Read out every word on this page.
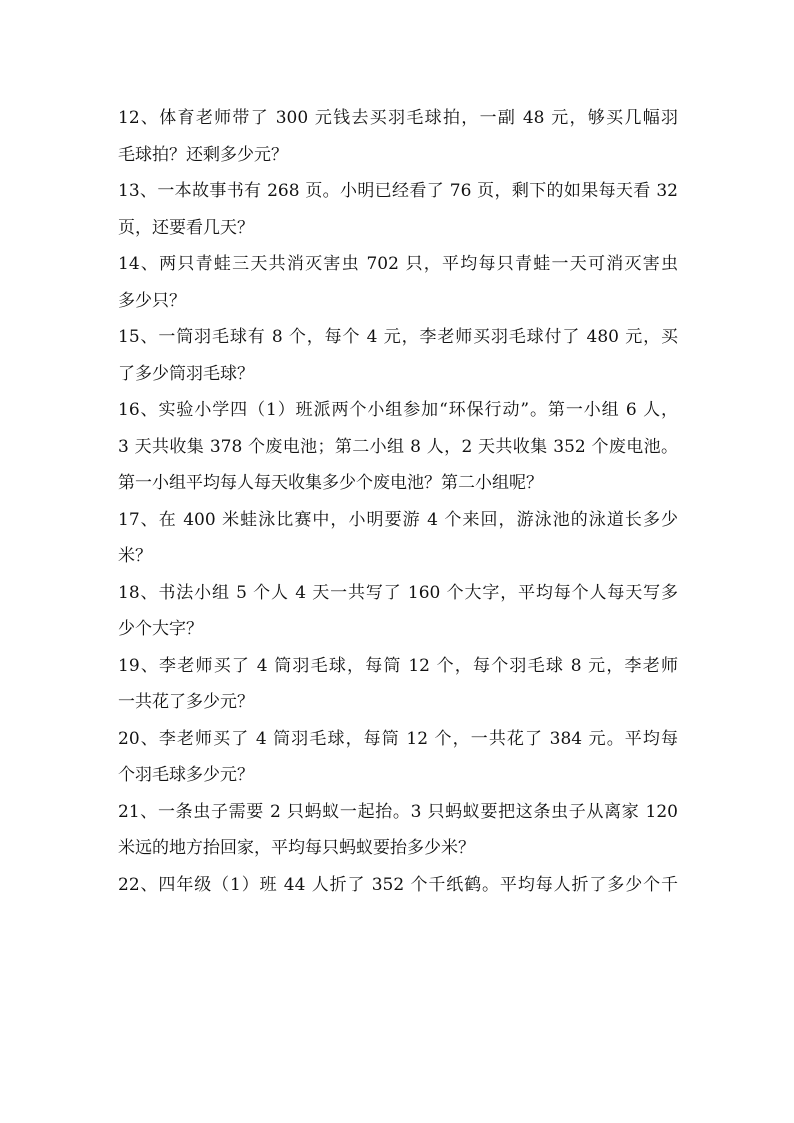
12、体育老师带了 300 元钱去买羽毛球拍，一副 48 元，够买几幅羽
毛球拍？还剩多少元？
13、一本故事书有 268 页。小明已经看了 76 页，剩下的如果每天看 32
页，还要看几天？
14、两只青蛙三天共消灭害虫 702 只，平均每只青蛙一天可消灭害虫
多少只？
15、一筒羽毛球有 8 个，每个 4 元，李老师买羽毛球付了 480 元，买
了多少筒羽毛球？
16、实验小学四（1）班派两个小组参加“环保行动”。第一小组 6 人，
3 天共收集 378 个废电池；第二小组 8 人，2 天共收集 352 个废电池。
第一小组平均每人每天收集多少个废电池？第二小组呢？
17、在 400 米蛙泳比赛中，小明要游 4 个来回，游泳池的泳道长多少
米？
18、书法小组 5 个人 4 天一共写了 160 个大字，平均每个人每天写多
少个大字？
19、李老师买了 4 筒羽毛球，每筒 12 个，每个羽毛球 8 元，李老师
一共花了多少元？
20、李老师买了 4 筒羽毛球，每筒 12 个，一共花了 384 元。平均每
个羽毛球多少元？
21、一条虫子需要 2 只蚂蚁一起抬。3 只蚂蚁要把这条虫子从离家 120
米远的地方抬回家，平均每只蚂蚁要抬多少米？
22、四年级（1）班 44 人折了 352 个千纸鹤。平均每人折了多少个千
